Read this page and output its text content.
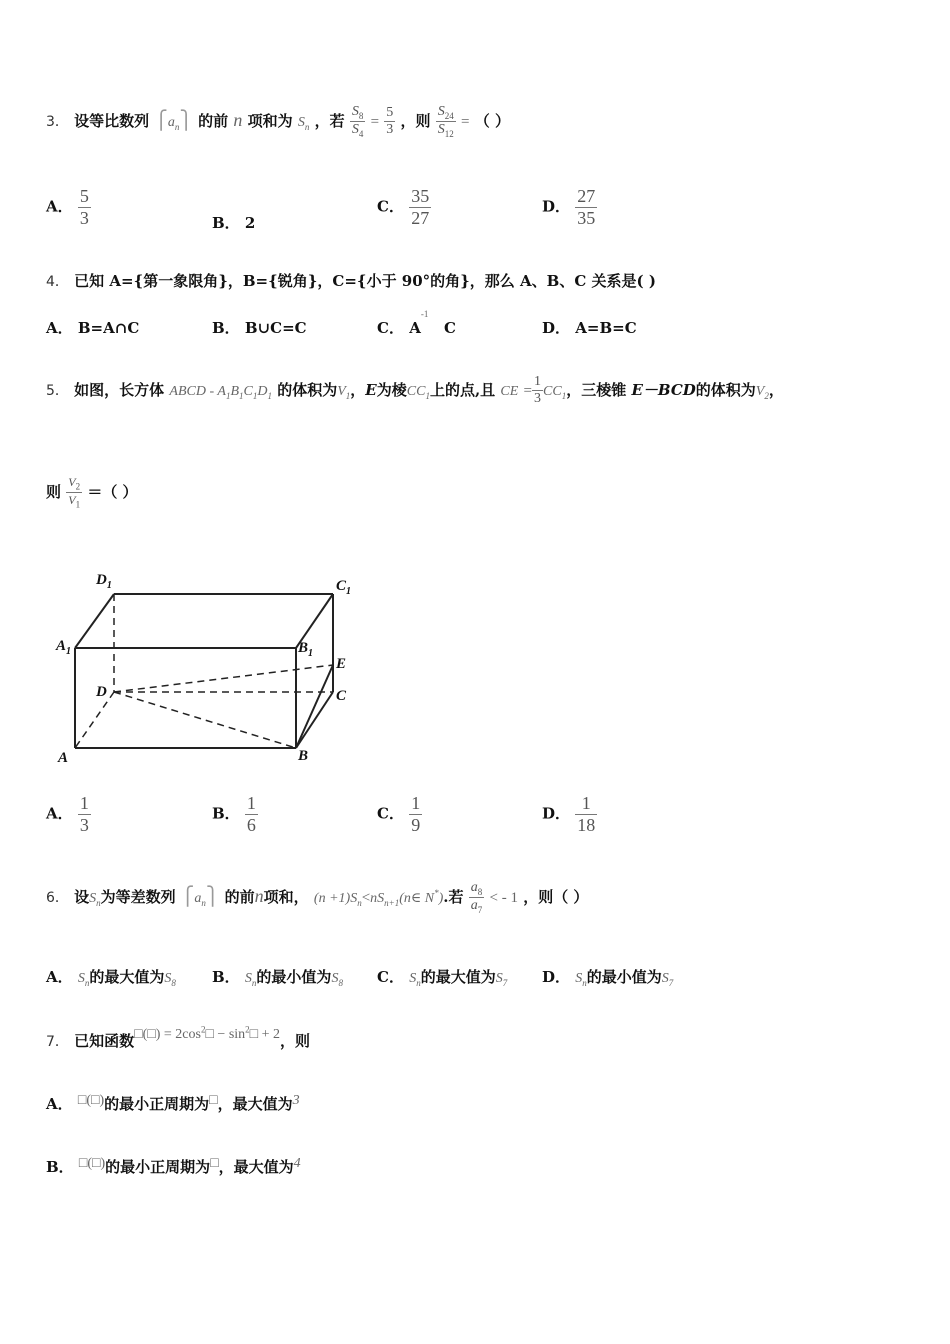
3． 设等比数列 $⎧a_n⎫$ 的前 n 项和为 $S_n$ ，若 $\frac{S_8}{S_4} = \frac{5}{3}$ ，则 $\frac{S_{24}}{S_{12}}$ = （ ）
A． $\frac{5}{3}$	B． 2
C． $\frac{35}{27}$	D． $\frac{27}{35}$
4． 已知 A={第一象限角}，B={锐角}，C={小于 90°的角}，那么 A、B、C 关系是( )
A． B=A∩C	B． B∪C=C	C． $A^{-1}$   C	D． A=B=C
5． 如图，长方体 ABCD - $A_1B_1C_1D_1$ 的体积为$V_1$，E为棱$CC_1$上的点,且 CE = $\frac{1}{3} CC_1$，三棱锥 E－BCD的体积为$V_2$，
则 $\frac{V_2}{V_1}$ ＝（ ）
$D_1$	$C_1$
$A_1$	$B_1$
E
D	C
A	B
A． $\frac{1}{3}$	B． $\frac{1}{6}$	C． $\frac{1}{9}$	D． $\frac{1}{18}$
6． 设$S_n$为等差数列 $⎧a_n⎫$ 的前n项和， $(n +1)S_n<nS_{n+1}(n\in$ N*).若 $\frac{a_8}{a_7}$ < - 1 ，则（ ）
A． $S_n$的最大值为$S_8$ B． $S_n$的最小值为$S_8$ C． $S_n$的最大值为$S_7$ D． $S_n$的最小值为$S_7$
7． 已知函数□(□) = $2\cos^2□$ − $\sin^2□ + 2$，则
A． □(□)的最小正周期为□，最大值为3
B． □(□)的最小正周期为□，最大值为4
